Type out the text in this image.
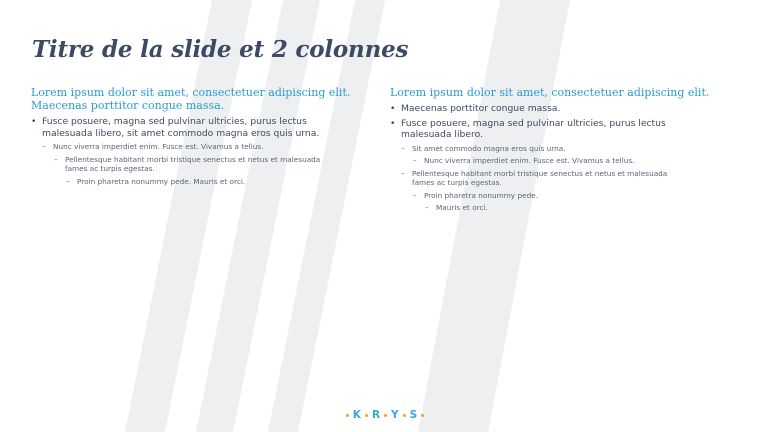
Titre de la slide et 2 colonnes
Lorem ipsum dolor sit amet, consectetuer adipiscing elit.
Maecenas porttitor congue massa.
• Fusce posuere, magna sed pulvinar ultricies, purus lectus
malesuada libero, sit amet commodo magna eros quis urna.
– Nunc viverra imperdiet enim. Fusce est. Vivamus a tellus.
– Pellentesque habitant morbi tristique senectus et netus et malesuada
fames ac turpis egestas.
– Proin pharetra nonummy pede. Mauris et orci.
Lorem ipsum dolor sit amet, consectetuer adipiscing elit.
• Maecenas porttitor congue massa.
• Fusce posuere, magna sed pulvinar ultricies, purus lectus
malesuada libero.
– Sit amet commodo magna eros quis urna.
– Nunc viverra imperdiet enim. Fusce est. Vivamus a tellus.
– Pellentesque habitant morbi tristique senectus et netus et malesuada
fames ac turpis egestas.
– Proin pharetra nonummy pede.
– Mauris et orci.
K R Y S
